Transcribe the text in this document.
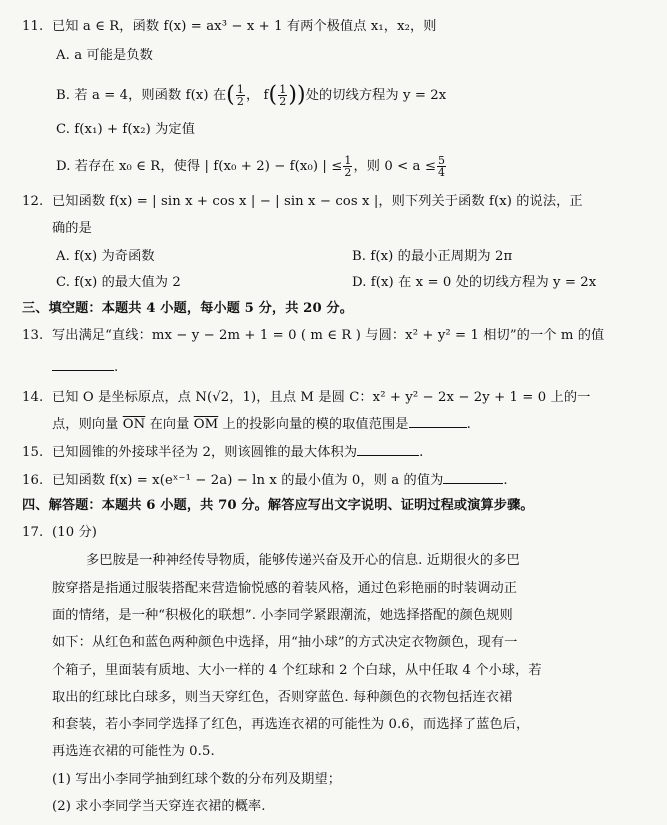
11. 已知 a ∈ R，函数 f(x) = ax³ − x + 1 有两个极值点 x₁，x₂，则
A. a 可能是负数
B. 若 a = 4，则函数 f(x) 在( $\frac{1}{2}$ ， $f( \frac{1}{2}$ ))处的切线方程为 y = 2x
C. f(x₁) + f(x₂) 为定值
D. 若存在 x₀ ∈ R，使得 | f(x₀ + 2) − f(x₀) | ≤ $\frac{1}{2}$ ，则 $0 < a \le \frac{5}{4}$
12. 已知函数 f(x) = | sin x + cos x | − | sin x − cos x |，则下列关于函数 f(x) 的说法，正
确的是
A. f(x) 为奇函数	B. f(x) 的最小正周期为 2π
C. f(x) 的最大值为 2	D. f(x) 在 x = 0 处的切线方程为 y = 2x
三、填空题：本题共 4 小题，每小题 5 分，共 20 分。
13. 写出满足“直线：mx − y − 2m + 1 = 0 ( m ∈ R ) 与圆：x² + y² = 1 相切”的一个 m 的值
.
14. 已知 O 是坐标原点，点 N(√2，1)，且点 M 是圆 C：x² + y² − 2x − 2y + 1 = 0 上的一
点，则向量 $\overline{ON}$ 在向量 $\overline{OM}$ 上的投影向量的模的取值范围是	.
15. 已知圆锥的外接球半径为 2，则该圆锥的最大体积为	.
16. 已知函数 f(x) = x(eˣ⁻¹ − 2a) − ln x 的最小值为 0，则 a 的值为	.
四、解答题：本题共 6 小题，共 70 分。解答应写出文字说明、证明过程或演算步骤。
17. (10 分)
多巴胺是一种神经传导物质，能够传递兴奋及开心的信息. 近期很火的多巴
胺穿搭是指通过服装搭配来营造愉悦感的着装风格，通过色彩艳丽的时装调动正
面的情绪，是一种“积极化的联想”. 小李同学紧跟潮流，她选择搭配的颜色规则
如下：从红色和蓝色两种颜色中选择，用“抽小球”的方式决定衣物颜色，现有一
个箱子，里面装有质地、大小一样的 4 个红球和 2 个白球，从中任取 4 个小球，若
取出的红球比白球多，则当天穿红色，否则穿蓝色. 每种颜色的衣物包括连衣裙
和套装，若小李同学选择了红色，再选连衣裙的可能性为 0.6，而选择了蓝色后，
再选连衣裙的可能性为 0.5.
(1) 写出小李同学抽到红球个数的分布列及期望；
(2) 求小李同学当天穿连衣裙的概率.
